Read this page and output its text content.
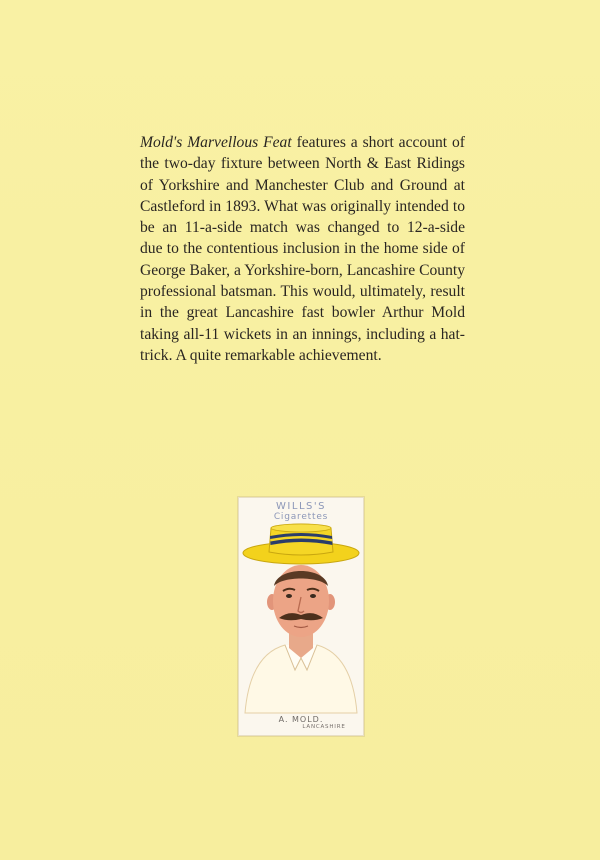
Mold's Marvellous Feat features a short account of the two-day fixture between North & East Ridings of Yorkshire and Manchester Club and Ground at Castleford in 1893. What was originally intended to be an 11-a-side match was changed to 12-a-side due to the contentious inclusion in the home side of George Baker, a Yorkshire-born, Lancashire County professional batsman. This would, ultimately, result in the great Lancashire fast bowler Arthur Mold taking all-11 wickets in an innings, including a hat-trick. A quite remarkable achievement.

WILLS'S
Cigarettes
A. MOLD.
LANCASHIRE
